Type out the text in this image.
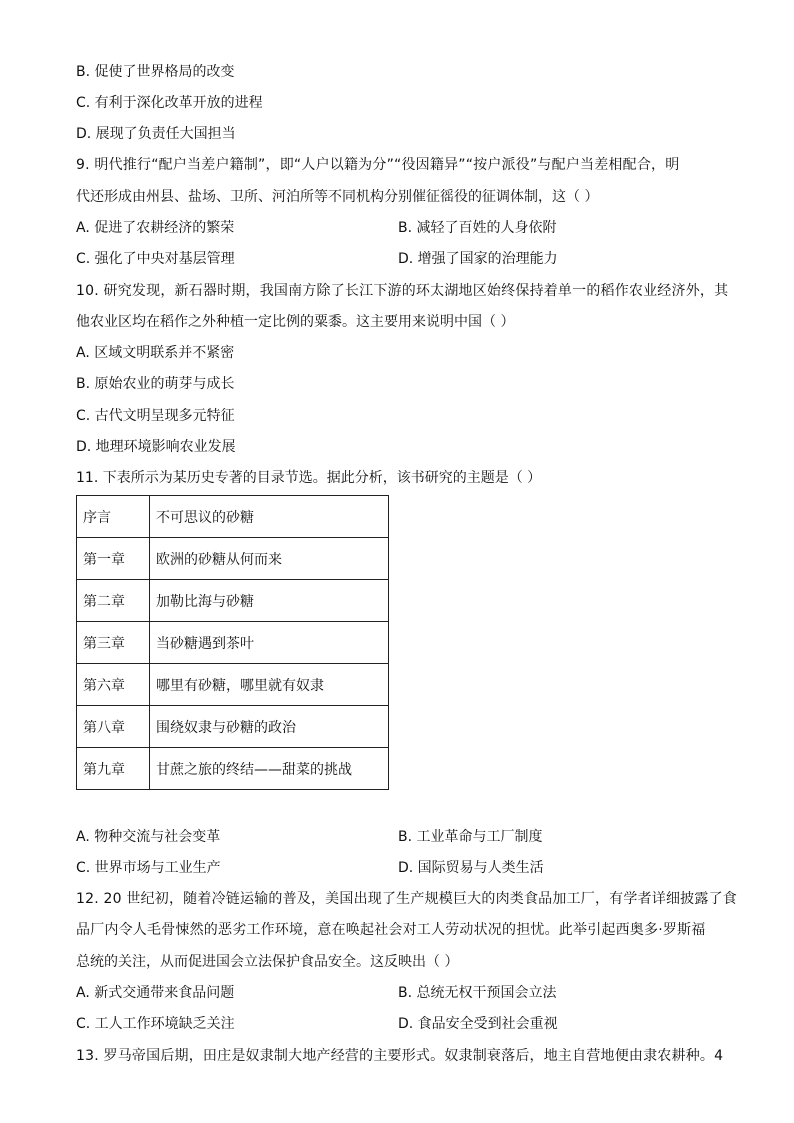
B. 促使了世界格局的改变
C. 有利于深化改革开放的进程
D. 展现了负责任大国担当
9. 明代推行“配户当差户籍制”，即“人户以籍为分”“役因籍异”“按户派役”与配户当差相配合，明
代还形成由州县、盐场、卫所、河泊所等不同机构分别催征徭役的征调体制，这（ ）
A. 促进了农耕经济的繁荣	B. 减轻了百姓的人身依附
C. 强化了中央对基层管理	D. 增强了国家的治理能力
10. 研究发现，新石器时期，我国南方除了长江下游的环太湖地区始终保持着单一的稻作农业经济外，其
他农业区均在稻作之外种植一定比例的粟黍。这主要用来说明中国（ ）
A. 区域文明联系并不紧密
B. 原始农业的萌芽与成长
C. 古代文明呈现多元特征
D. 地理环境影响农业发展
11. 下表所示为某历史专著的目录节选。据此分析，该书研究的主题是（ ）
序言	不可思议的砂糖
第一章	欧洲的砂糖从何而来
第二章	加勒比海与砂糖
第三章	当砂糖遇到茶叶
第六章	哪里有砂糖，哪里就有奴隶
第八章	围绕奴隶与砂糖的政治
第九章	甘蔗之旅的终结——甜菜的挑战
A. 物种交流与社会变革	B. 工业革命与工厂制度
C. 世界市场与工业生产	D. 国际贸易与人类生活
12. 20 世纪初，随着冷链运输的普及，美国出现了生产规模巨大的肉类食品加工厂，有学者详细披露了食
品厂内令人毛骨悚然的恶劣工作环境，意在唤起社会对工人劳动状况的担忧。此举引起西奥多·罗斯福
总统的关注，从而促进国会立法保护食品安全。这反映出（ ）
A. 新式交通带来食品问题	B. 总统无权干预国会立法
C. 工人工作环境缺乏关注	D. 食品安全受到社会重视
13. 罗马帝国后期，田庄是奴隶制大地产经营的主要形式。奴隶制衰落后，地主自营地便由隶农耕种。4
